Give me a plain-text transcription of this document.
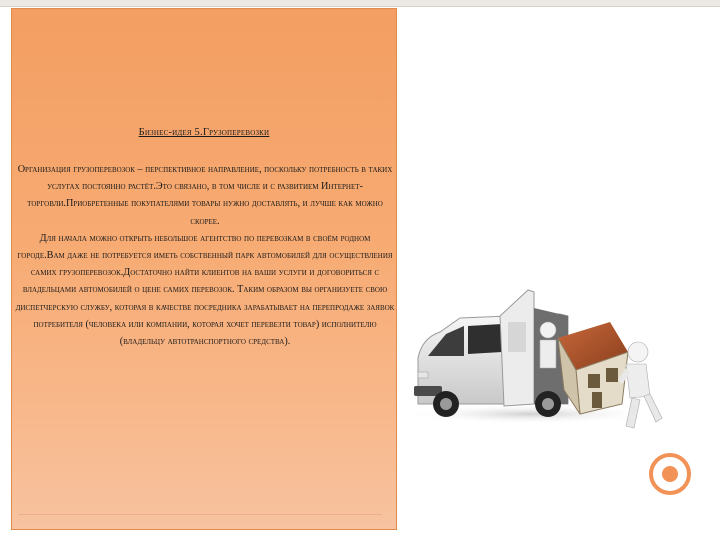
Бизнес-идея 5.Грузоперевозки

Организация грузоперевозок – перспективное направление, поскольку потребность в таких услугах постоянно растёт.Это связано, в том числе и с развитием Интернет-торговли.Приобретенные покупателями товары нужно доставлять, и лучше как можно скорее.

Для начала можно открыть небольшое агентство по перевозкам в своём родном городе.Вам даже не потребуется иметь собственный парк автомобилей для осуществления самих грузоперевозок.Достаточно найти клиентов на ваши услуги и договориться с владельцами автомобилей о цене самих перевозок. Таким образом вы организуете свою диспетчерскую службу, которая в качестве посредника зарабатывает на перепродаже заявок потребителя (человека или компании, которая хочет перевезти товар) исполнителю (владельцу автотранспортного средства).
